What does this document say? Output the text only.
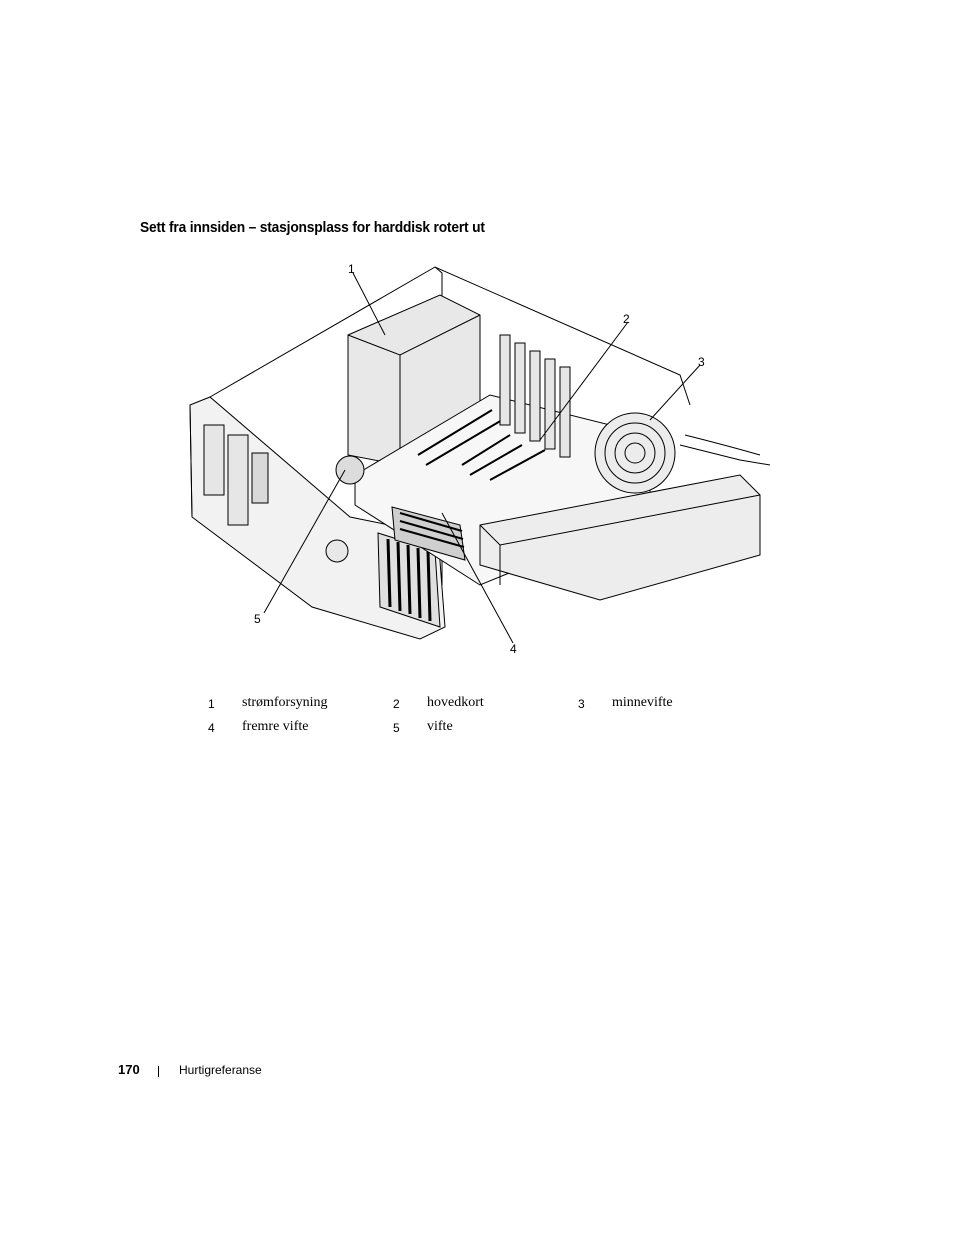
Sett fra innsiden – stasjonsplass for harddisk rotert ut
1
2
3
4
5
1 strømforsyning	2 hovedkort	3 minnevifte
4 fremre vifte	5 vifte
170	Hurtigreferanse
